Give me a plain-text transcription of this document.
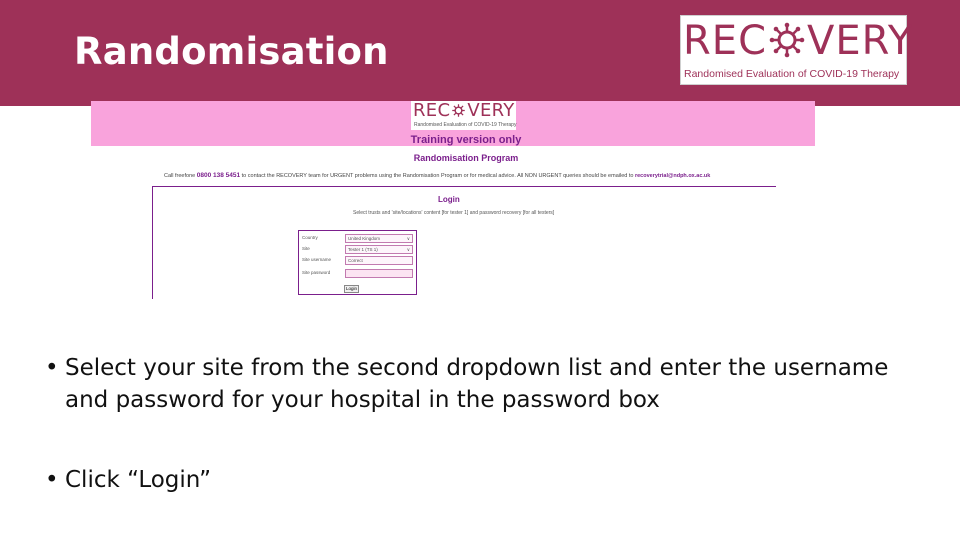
Randomisation	REC VERY
Randomised Evaluation of COVID-19 Therapy
REC VERY
Randomised Evaluation of COVID-19 Therapy
Training version only
Randomisation Program
Call freefone 0800 138 5451 to contact the RECOVERY team for URGENT problems using the Randomisation Program or for medical advice. All NON URGENT queries should be emailed to recoverytrial@ndph.ox.ac.uk
Login
Select trusts and 'site/locations' content [for tester 1] and password recovery [for all testers]
Country	United Kingdom	∨
Site	Tester 1 (TS 1)	∨
Site username	Correct
Site password
Login
• Select your site from the second dropdown list and enter the username and password for your hospital in the password box
• Click “Login”
